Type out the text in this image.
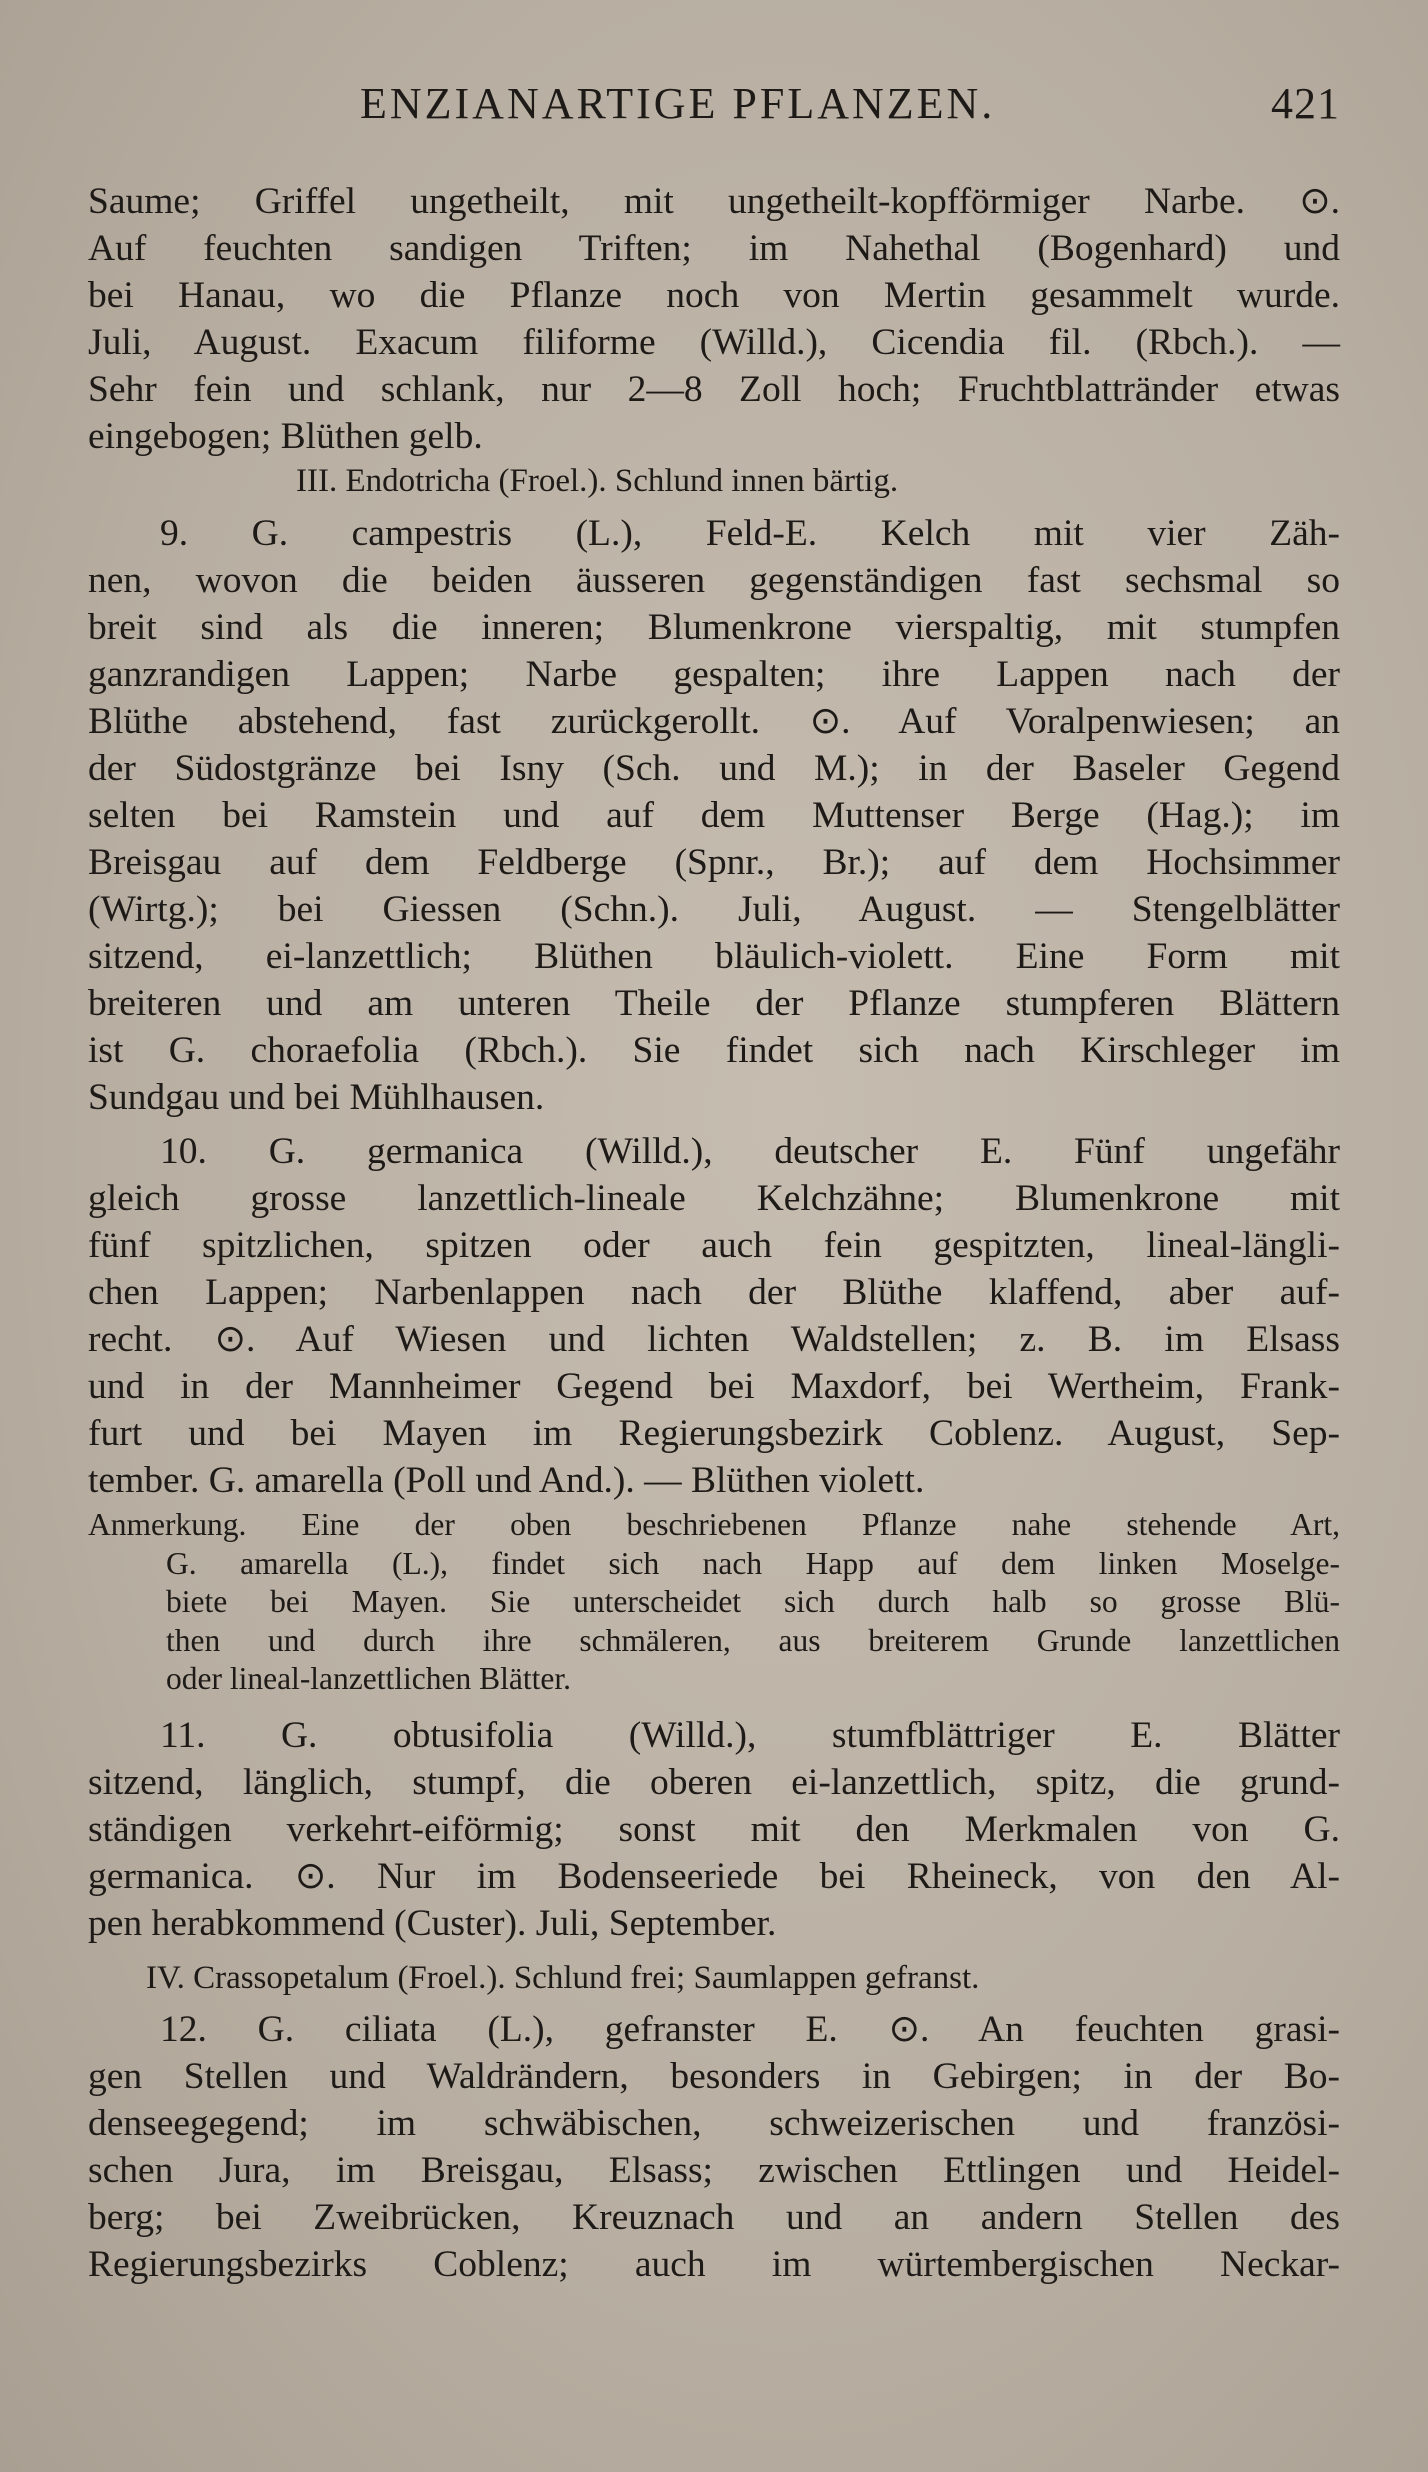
ENZIANARTIGE PFLANZEN.	421
Saume; Griffel ungetheilt, mit ungetheilt-kopfförmiger Narbe. ⊙.
Auf feuchten sandigen Triften; im Nahethal (Bogenhard) und
bei Hanau, wo die Pflanze noch von Mertin gesammelt wurde.
Juli, August. Exacum filiforme (Willd.), Cicendia fil. (Rbch.). —
Sehr fein und schlank, nur 2—8 Zoll hoch; Fruchtblattränder etwas
eingebogen; Blüthen gelb.
III. Endotricha (Froel.). Schlund innen bärtig.
9. G. campestris (L.), Feld-E. Kelch mit vier Zäh-
nen, wovon die beiden äusseren gegenständigen fast sechsmal so
breit sind als die inneren; Blumenkrone vierspaltig, mit stumpfen
ganzrandigen Lappen; Narbe gespalten; ihre Lappen nach der
Blüthe abstehend, fast zurückgerollt. ⊙. Auf Voralpenwiesen; an
der Südostgränze bei Isny (Sch. und M.); in der Baseler Gegend
selten bei Ramstein und auf dem Muttenser Berge (Hag.); im
Breisgau auf dem Feldberge (Spnr., Br.); auf dem Hochsimmer
(Wirtg.); bei Giessen (Schn.). Juli, August. — Stengelblätter
sitzend, ei-lanzettlich; Blüthen bläulich-violett. Eine Form mit
breiteren und am unteren Theile der Pflanze stumpferen Blättern
ist G. choraefolia (Rbch.). Sie findet sich nach Kirschleger im
Sundgau und bei Mühlhausen.
10. G. germanica (Willd.), deutscher E. Fünf ungefähr
gleich grosse lanzettlich-lineale Kelchzähne; Blumenkrone mit
fünf spitzlichen, spitzen oder auch fein gespitzten, lineal-längli-
chen Lappen; Narbenlappen nach der Blüthe klaffend, aber auf-
recht. ⊙. Auf Wiesen und lichten Waldstellen; z. B. im Elsass
und in der Mannheimer Gegend bei Maxdorf, bei Wertheim, Frank-
furt und bei Mayen im Regierungsbezirk Coblenz. August, Sep-
tember. G. amarella (Poll und And.). — Blüthen violett.
Anmerkung. Eine der oben beschriebenen Pflanze nahe stehende Art,
G. amarella (L.), findet sich nach Happ auf dem linken Moselge-
biete bei Mayen. Sie unterscheidet sich durch halb so grosse Blü-
then und durch ihre schmäleren, aus breiterem Grunde lanzettlichen
oder lineal-lanzettlichen Blätter.
11. G. obtusifolia (Willd.), stumfblättriger E. Blätter
sitzend, länglich, stumpf, die oberen ei-lanzettlich, spitz, die grund-
ständigen verkehrt-eiförmig; sonst mit den Merkmalen von G.
germanica. ⊙. Nur im Bodenseeriede bei Rheineck, von den Al-
pen herabkommend (Custer). Juli, September.
IV. Crassopetalum (Froel.). Schlund frei; Saumlappen gefranst.
12. G. ciliata (L.), gefranster E. ⊙. An feuchten grasi-
gen Stellen und Waldrändern, besonders in Gebirgen; in der Bo-
denseegegend; im schwäbischen, schweizerischen und französi-
schen Jura, im Breisgau, Elsass; zwischen Ettlingen und Heidel-
berg; bei Zweibrücken, Kreuznach und an andern Stellen des
Regierungsbezirks Coblenz; auch im würtembergischen Neckar-
